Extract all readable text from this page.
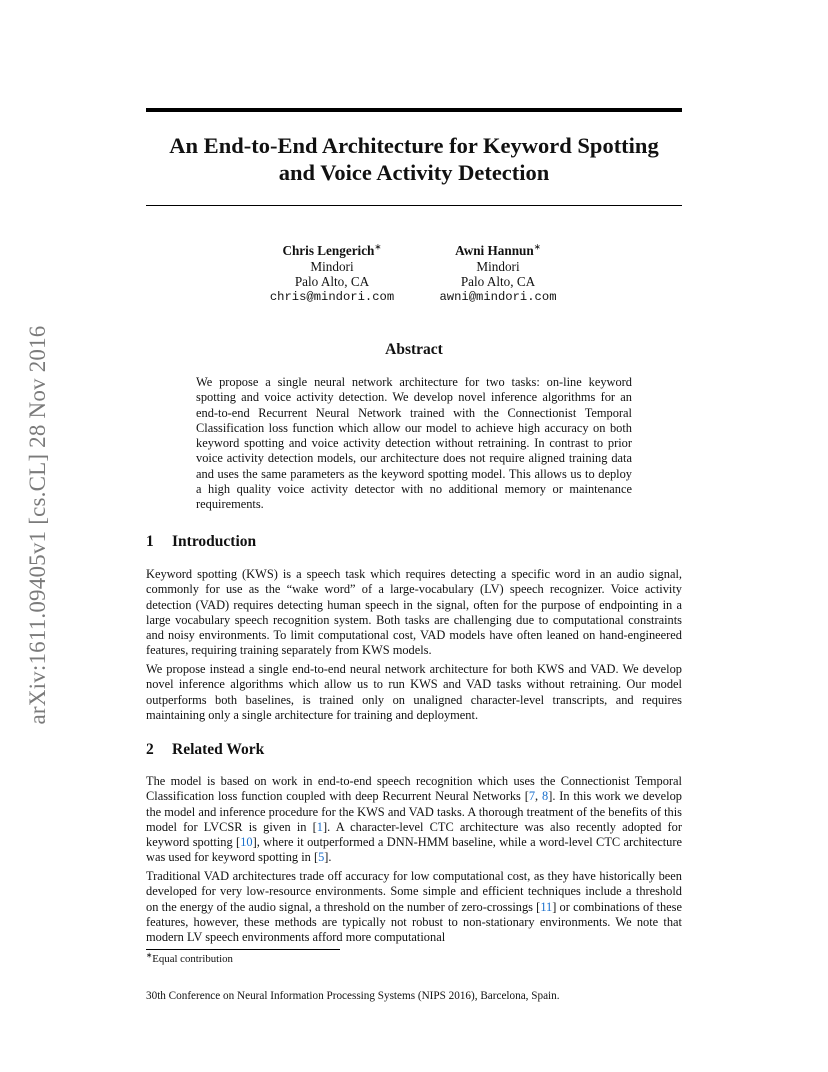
arXiv:1611.09405v1 [cs.CL] 28 Nov 2016
An End-to-End Architecture for Keyword Spotting
and Voice Activity Detection
Chris Lengerich∗
Mindori
Palo Alto, CA
chris@mindori.com
Awni Hannun∗
Mindori
Palo Alto, CA
awni@mindori.com
Abstract
We propose a single neural network architecture for two tasks: on-line keyword spotting and voice activity detection. We develop novel inference algorithms for an end-to-end Recurrent Neural Network trained with the Connectionist Temporal Classification loss function which allow our model to achieve high accuracy on both keyword spotting and voice activity detection without retraining. In contrast to prior voice activity detection models, our architecture does not require aligned training data and uses the same parameters as the keyword spotting model. This allows us to deploy a high quality voice activity detector with no additional memory or maintenance requirements.
1 Introduction
Keyword spotting (KWS) is a speech task which requires detecting a specific word in an audio signal, commonly for use as the “wake word” of a large-vocabulary (LV) speech recognizer. Voice activity detection (VAD) requires detecting human speech in the signal, often for the purpose of endpointing in a large vocabulary speech recognition system. Both tasks are challenging due to computational constraints and noisy environments. To limit computational cost, VAD models have often leaned on hand-engineered features, requiring training separately from KWS models.
We propose instead a single end-to-end neural network architecture for both KWS and VAD. We develop novel inference algorithms which allow us to run KWS and VAD tasks without retraining. Our model outperforms both baselines, is trained only on unaligned character-level transcripts, and requires maintaining only a single architecture for training and deployment.
2 Related Work
The model is based on work in end-to-end speech recognition which uses the Connectionist Temporal Classification loss function coupled with deep Recurrent Neural Networks [7, 8]. In this work we develop the model and inference procedure for the KWS and VAD tasks. A thorough treatment of the benefits of this model for LVCSR is given in [1]. A character-level CTC architecture was also recently adopted for keyword spotting [10], where it outperformed a DNN-HMM baseline, while a word-level CTC architecture was used for keyword spotting in [5].
Traditional VAD architectures trade off accuracy for low computational cost, as they have historically been developed for very low-resource environments. Some simple and efficient techniques include a threshold on the energy of the audio signal, a threshold on the number of zero-crossings [11] or combinations of these features, however, these methods are typically not robust to non-stationary environments. We note that modern LV speech environments afford more computational
∗Equal contribution
30th Conference on Neural Information Processing Systems (NIPS 2016), Barcelona, Spain.
